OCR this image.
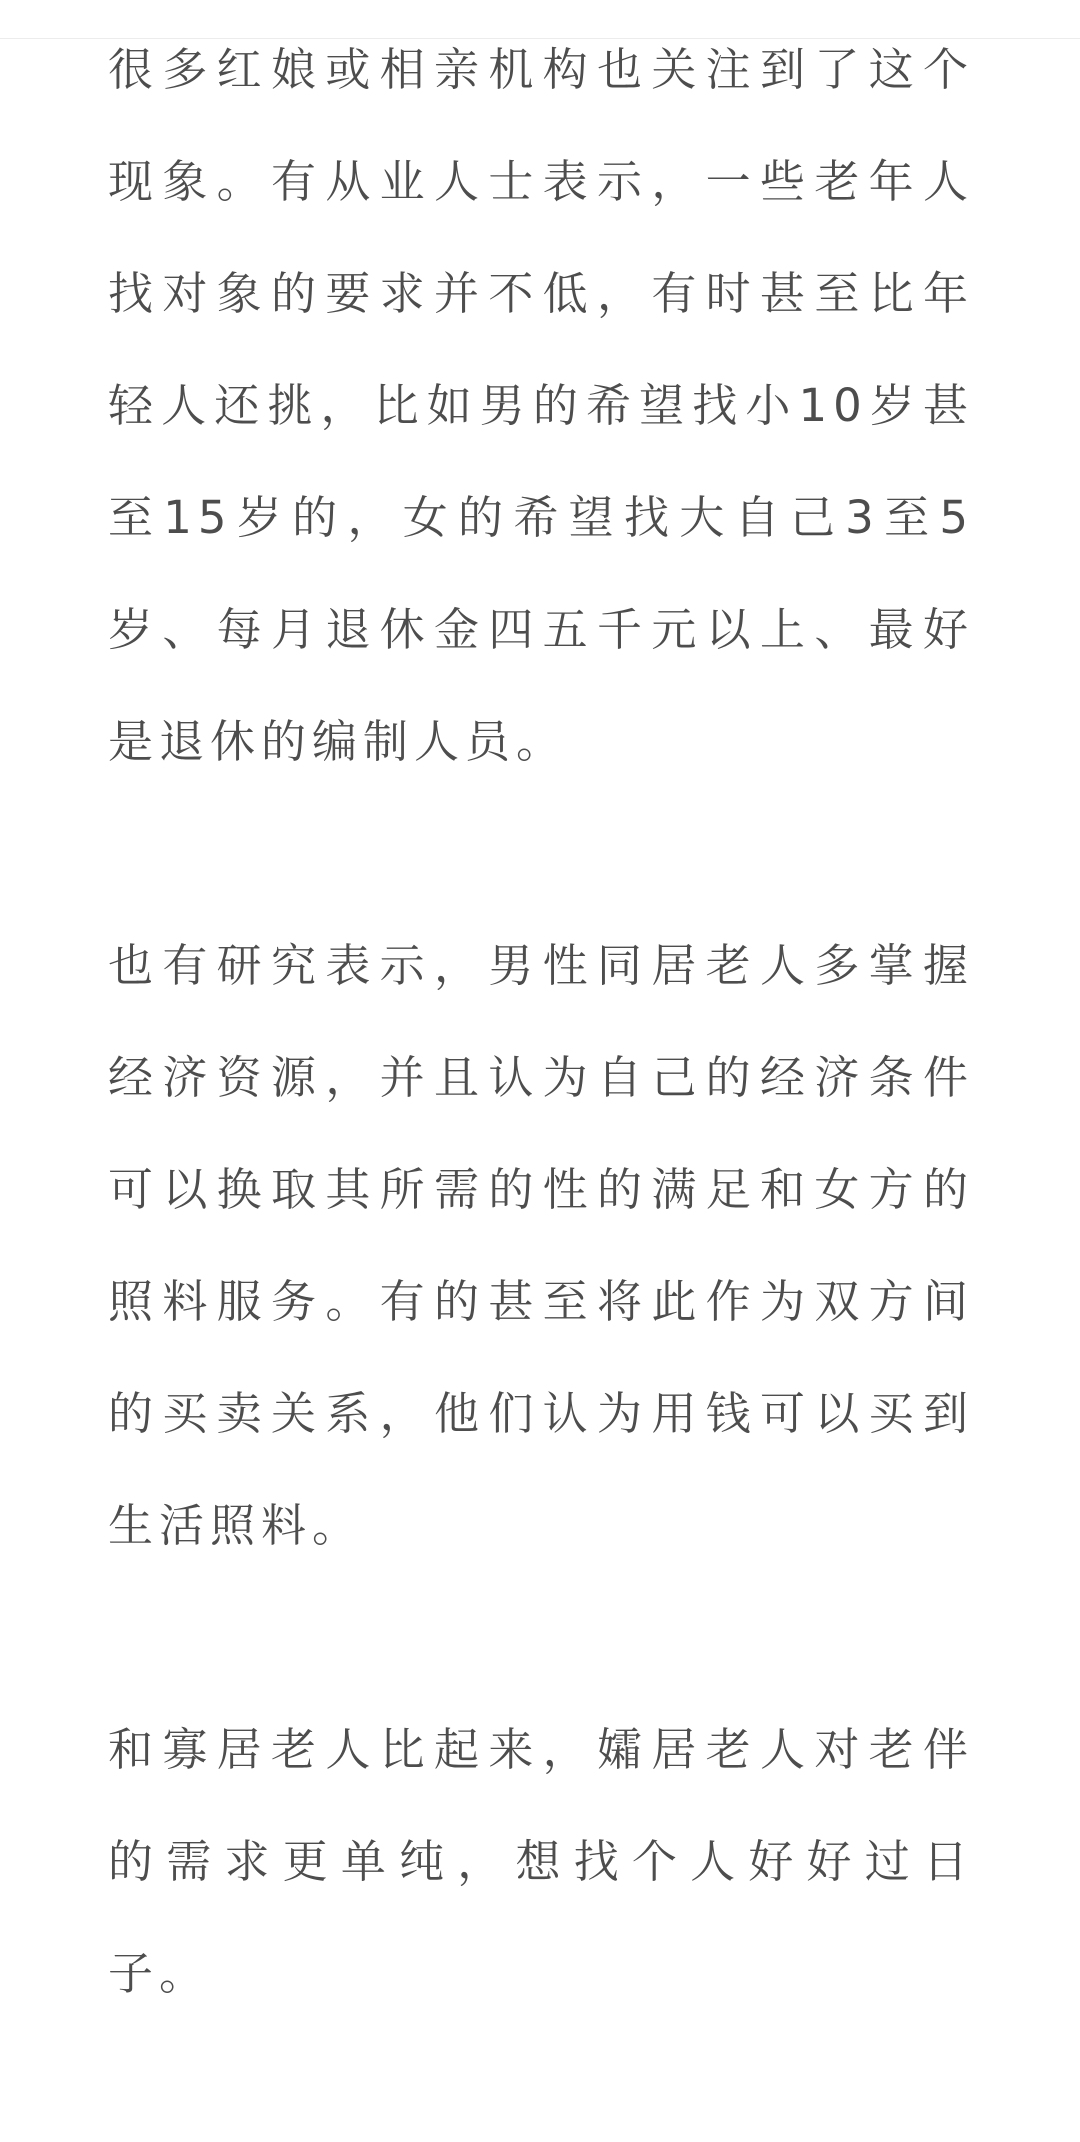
很多红娘或相亲机构也关注到了这个现象。有从业人士表示，一些老年人找对象的要求并不低，有时甚至比年轻人还挑，比如男的希望找小10岁甚至15岁的，女的希望找大自己3至5岁、每月退休金四五千元以上、最好是退休的编制人员。

也有研究表示，男性同居老人多掌握经济资源，并且认为自己的经济条件可以换取其所需的性的满足和女方的照料服务。有的甚至将此作为双方间的买卖关系，他们认为用钱可以买到生活照料。

和寡居老人比起来，孀居老人对老伴的需求更单纯，想找个人好好过日子。
